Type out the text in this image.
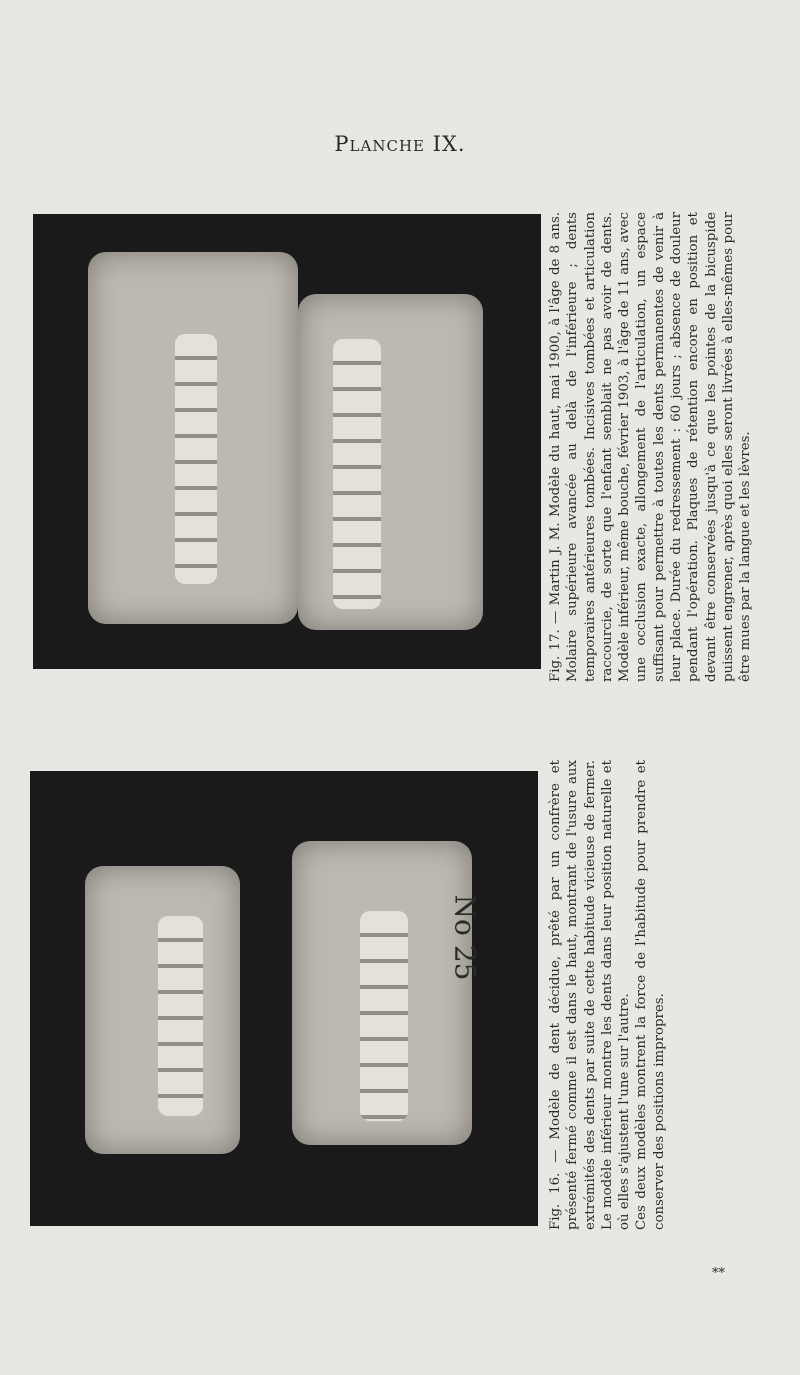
Planche IX.

Fig. 17. — Martin J. M. Modèle du haut, mai 1900, à l'âge de 8 ans. Molaire supérieure avancée au delà de l'inférieure ; dents temporaires antérieures tombées. Incisives tombées et articulation raccourcie, de sorte que l'enfant semblait ne pas avoir de dents. Modèle inférieur, même bouche, février 1903, à l'âge de 11 ans, avec une occlusion exacte, allongement de l'articulation, un espace suffisant pour permettre à toutes les dents permanentes de venir à leur place. Durée du redressement : 60 jours ; absence de douleur pendant l'opération. Plaques de rétention encore en position et devant être conservées jusqu'à ce que les pointes de la bicuspide puissent engrener, après quoi elles seront livrées à elles-mêmes pour être mues par la langue et les lèvres.

No 25	Fig. 16. — Modèle de dent décidue, prêté par un confrère et présenté fermé comme il est dans le haut, montrant de l'usure aux extrémités des dents par suite de cette habitude vicieuse de fermer. Le modèle inférieur montre les dents dans leur position naturelle et où elles s'ajustent l'une sur l'autre. Ces deux modèles montrent la force de l'habitude pour prendre et conserver des positions impropres.

**
